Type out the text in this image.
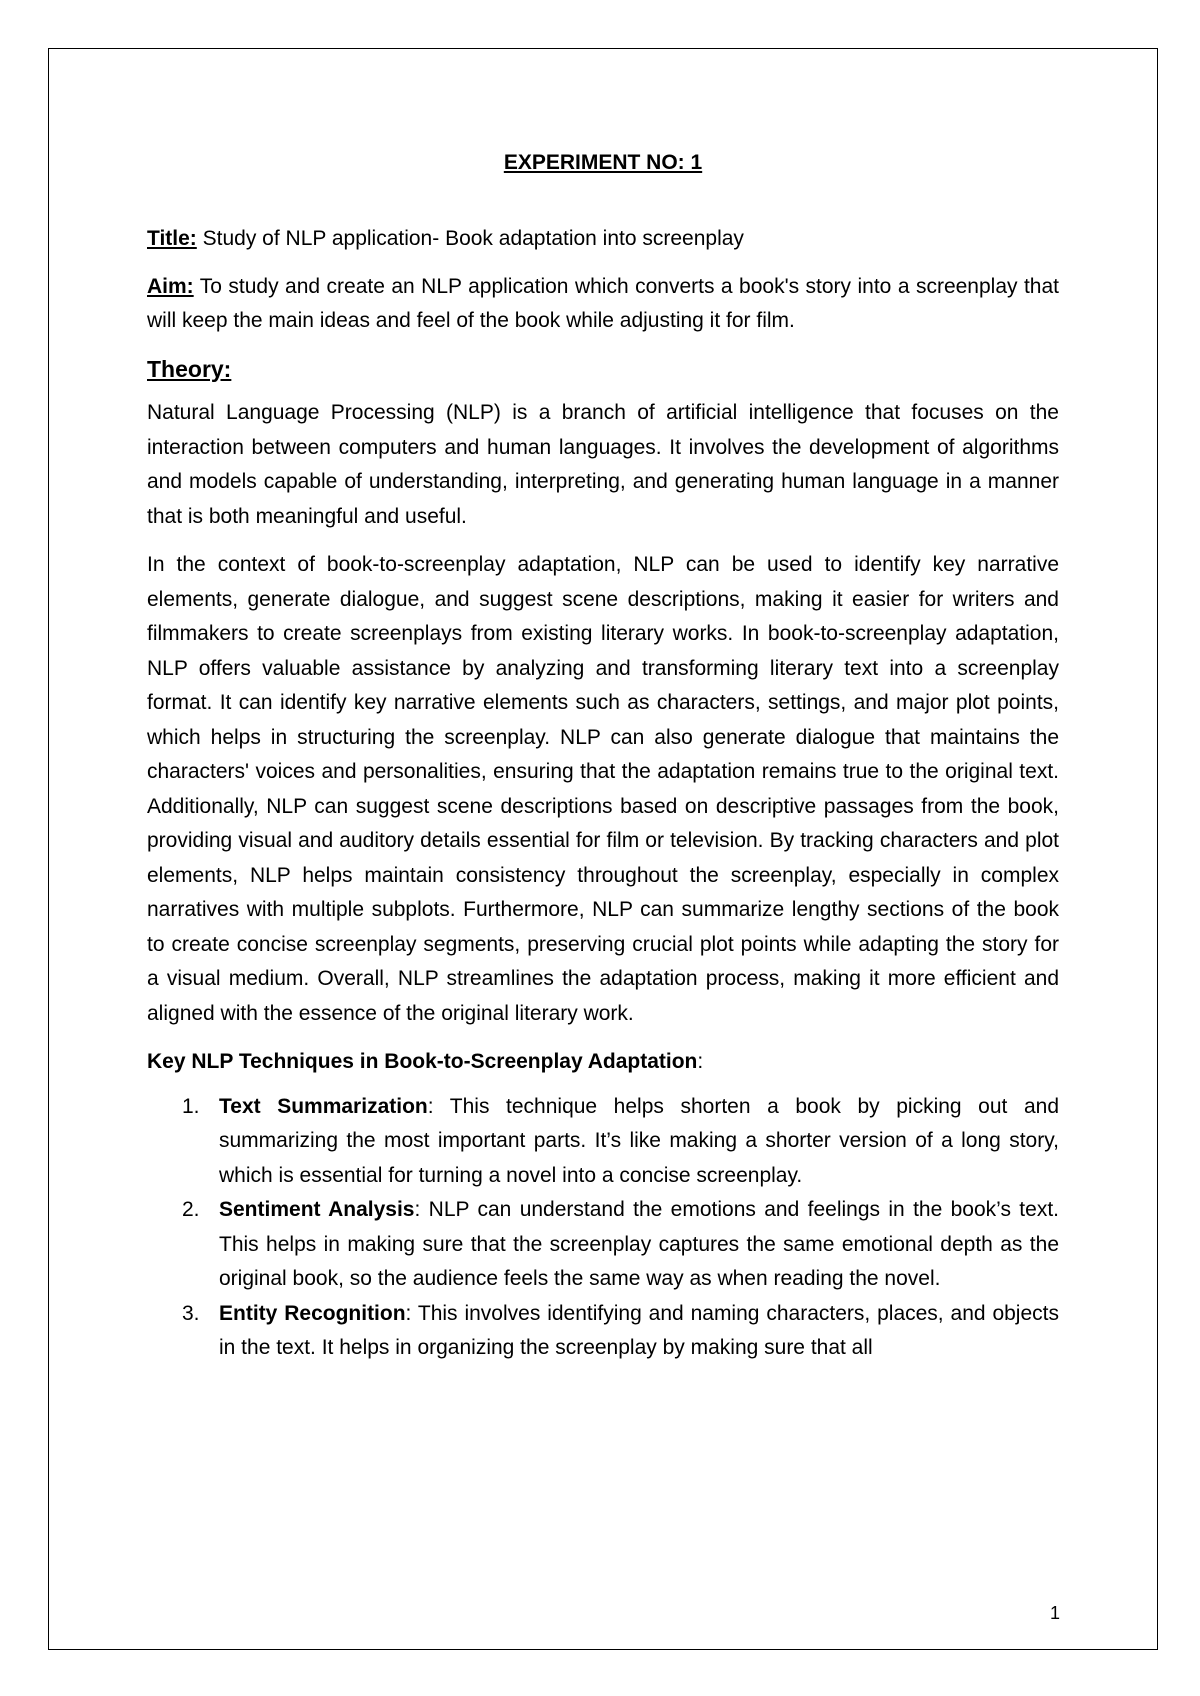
EXPERIMENT NO: 1
Title: Study of NLP application- Book adaptation into screenplay
Aim: To study and create an NLP application which converts a book's story into a screenplay that will keep the main ideas and feel of the book while adjusting it for film.
Theory:

Natural Language Processing (NLP) is a branch of artificial intelligence that focuses on the interaction between computers and human languages. It involves the development of algorithms and models capable of understanding, interpreting, and generating human language in a manner that is both meaningful and useful.

In the context of book-to-screenplay adaptation, NLP can be used to identify key narrative elements, generate dialogue, and suggest scene descriptions, making it easier for writers and filmmakers to create screenplays from existing literary works. In book-to-screenplay adaptation, NLP offers valuable assistance by analyzing and transforming literary text into a screenplay format. It can identify key narrative elements such as characters, settings, and major plot points, which helps in structuring the screenplay. NLP can also generate dialogue that maintains the characters' voices and personalities, ensuring that the adaptation remains true to the original text. Additionally, NLP can suggest scene descriptions based on descriptive passages from the book, providing visual and auditory details essential for film or television. By tracking characters and plot elements, NLP helps maintain consistency throughout the screenplay, especially in complex narratives with multiple subplots. Furthermore, NLP can summarize lengthy sections of the book to create concise screenplay segments, preserving crucial plot points while adapting the story for a visual medium. Overall, NLP streamlines the adaptation process, making it more efficient and aligned with the essence of the original literary work.

Key NLP Techniques in Book-to-Screenplay Adaptation:
1. Text Summarization: This technique helps shorten a book by picking out and summarizing the most important parts. It’s like making a shorter version of a long story, which is essential for turning a novel into a concise screenplay.
2. Sentiment Analysis: NLP can understand the emotions and feelings in the book’s text. This helps in making sure that the screenplay captures the same emotional depth as the original book, so the audience feels the same way as when reading the novel.
3. Entity Recognition: This involves identifying and naming characters, places, and objects in the text. It helps in organizing the screenplay by making sure that all
1
